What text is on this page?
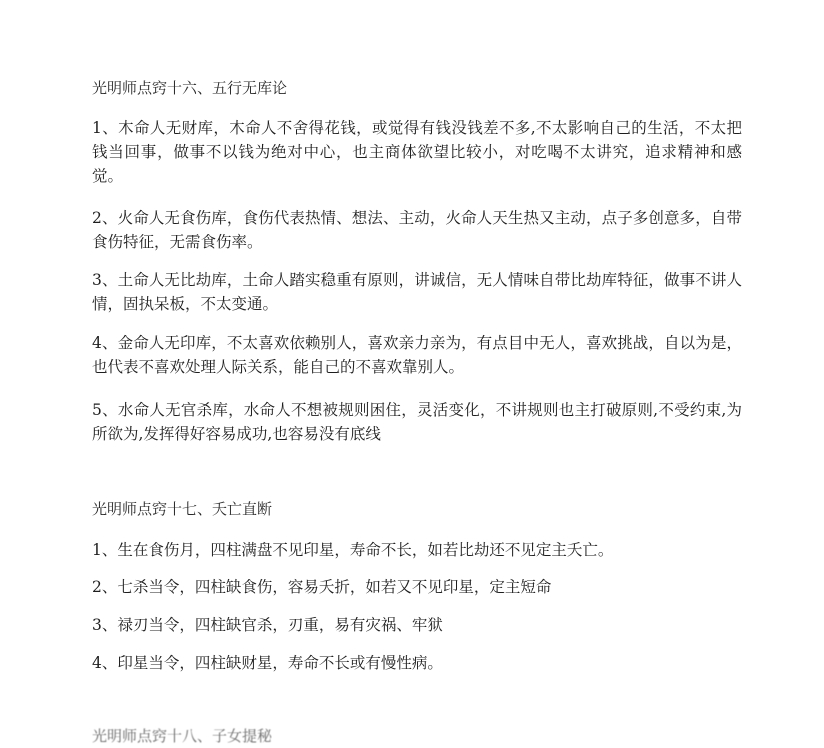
光明师点窍十六、五行无库论
1、木命人无财库，木命人不舍得花钱，或觉得有钱没钱差不多,不太影响自己的生活，不太把钱当回事，做事不以钱为绝对中心，也主商体欲望比较小，对吃喝不太讲究，追求精神和感觉。
2、火命人无食伤库，食伤代表热情、想法、主动，火命人天生热又主动，点子多创意多，自带食伤特征，无需食伤率。
3、土命人无比劫库，土命人踏实稳重有原则，讲诚信，无人情味自带比劫库特征，做事不讲人情，固执呆板，不太变通。
4、金命人无印库，不太喜欢依赖别人，喜欢亲力亲为，有点目中无人，喜欢挑战，自以为是，也代表不喜欢处理人际关系，能自己的不喜欢靠别人。
5、水命人无官杀库，水命人不想被规则困住，灵活变化，不讲规则也主打破原则,不受约束,为所欲为,发挥得好容易成功,也容易没有底线
光明师点窍十七、夭亡直断
1、生在食伤月，四柱满盘不见印星，寿命不长，如若比劫还不见定主夭亡。
2、七杀当令，四柱缺食伤，容易夭折，如若又不见印星，定主短命
3、禄刃当令，四柱缺官杀，刃重，易有灾祸、牢狱
4、印星当令，四柱缺财星，寿命不长或有慢性病。
光明师点窍十八、子女提秘
